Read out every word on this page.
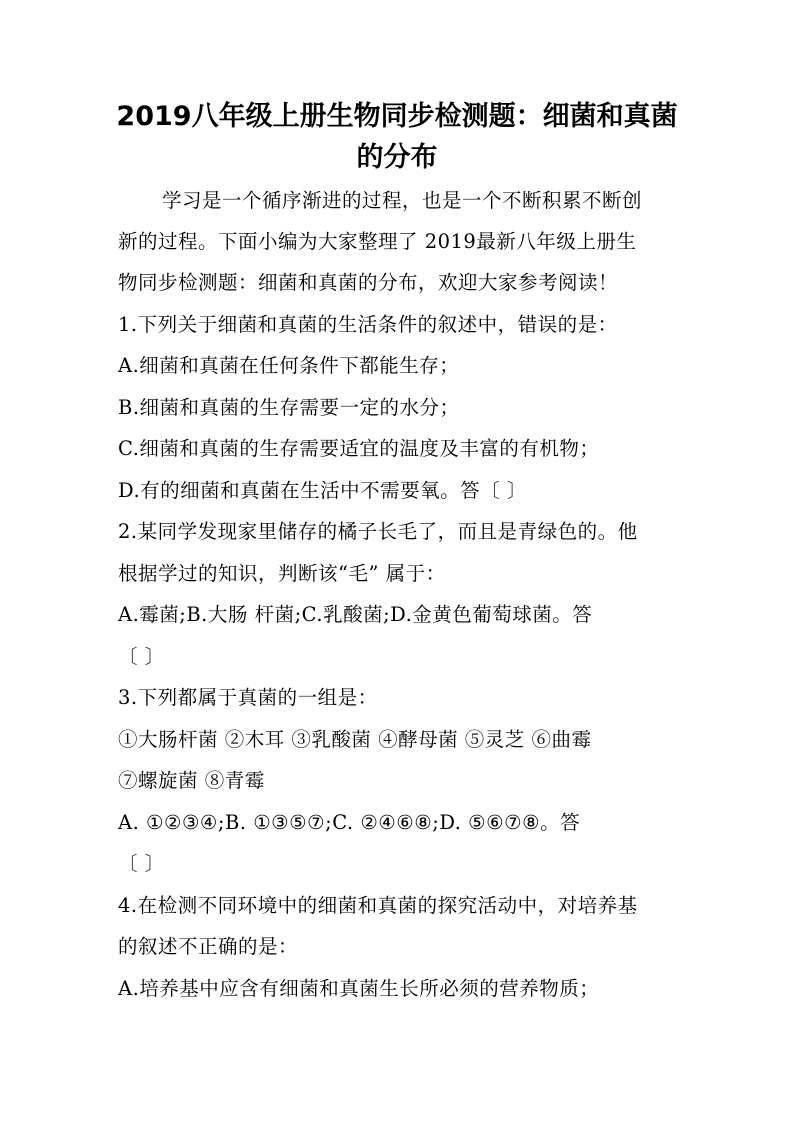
2019八年级上册生物同步检测题：细菌和真菌
的分布
学习是一个循序渐进的过程，也是一个不断积累不断创
新的过程。下面小编为大家整理了 2019最新八年级上册生
物同步检测题：细菌和真菌的分布，欢迎大家参考阅读！
1.下列关于细菌和真菌的生活条件的叙述中，错误的是：
A.细菌和真菌在任何条件下都能生存；
B.细菌和真菌的生存需要一定的水分；
C.细菌和真菌的生存需要适宜的温度及丰富的有机物；
D.有的细菌和真菌在生活中不需要氧。答〔 〕
2.某同学发现家里储存的橘子长毛了，而且是青绿色的。他
根据学过的知识，判断该“毛” 属于：
A.霉菌;B.大肠 杆菌;C.乳酸菌;D.金黄色葡萄球菌。答
〔 〕
3.下列都属于真菌的一组是：
①大肠杆菌 ②木耳 ③乳酸菌 ④酵母菌 ⑤灵芝 ⑥曲霉
⑦螺旋菌 ⑧青霉
A. ①②③④;B. ①③⑤⑦;C. ②④⑥⑧;D. ⑤⑥⑦⑧。答
〔 〕
4.在检测不同环境中的细菌和真菌的探究活动中，对培养基
的叙述不正确的是：
A.培养基中应含有细菌和真菌生长所必须的营养物质；
